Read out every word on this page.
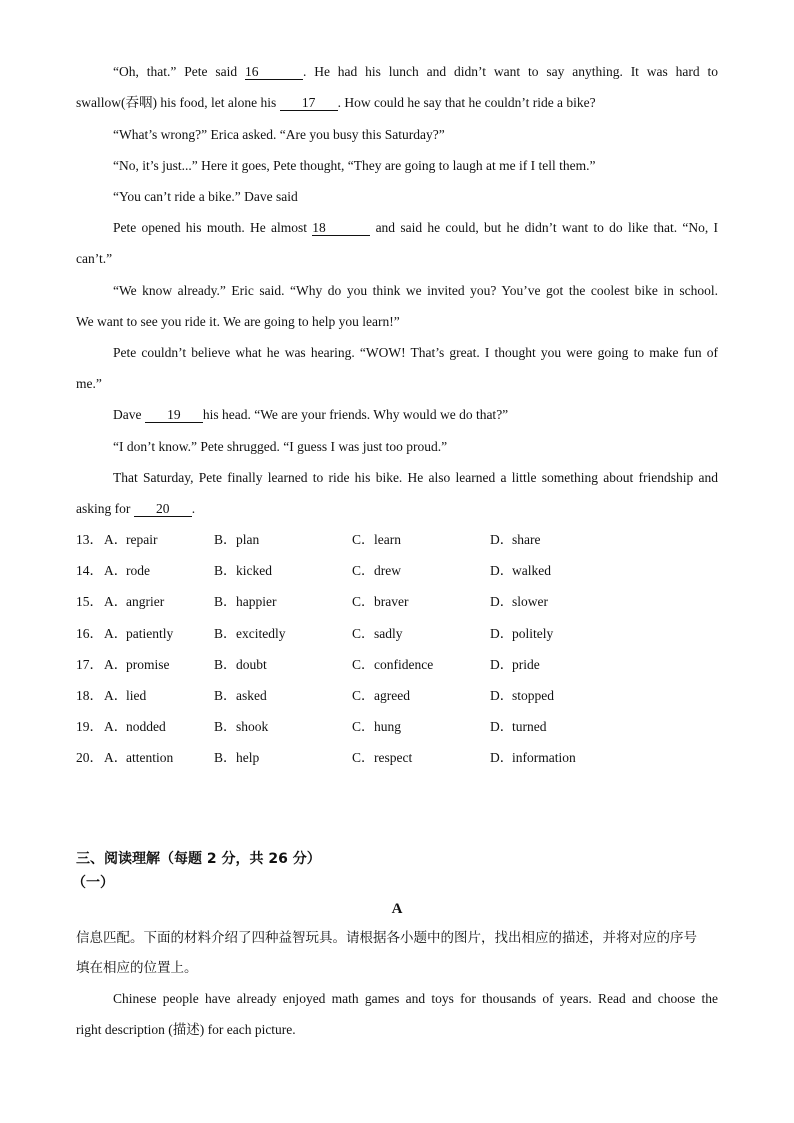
“Oh, that.” Pete said 16	. He had his lunch and didn’t want to say anything. It was hard to
swallow(吞咽) his food, let alone his 17 . How could he say that he couldn’t ride a bike?
“What’s wrong?” Erica asked. “Are you busy this Saturday?”
“No, it’s just...” Here it goes, Pete thought, “They are going to laugh at me if I tell them.”
“You can’t ride a bike.” Dave said
Pete opened his mouth. He almost 18	and said he could, but he didn’t want to do like that. “No, I
can’t.”
“We know already.” Eric said. “Why do you think we invited you? You’ve got the coolest bike in school.
We want to see you ride it. We are going to help you learn!”
Pete couldn’t believe what he was hearing. “WOW! That’s great. I thought you were going to make fun of
me.”
Dave 19 his head. “We are your friends. Why would we do that?”
“I don’t know.” Pete shrugged. “I guess I was just too proud.”
That Saturday, Pete finally learned to ride his bike. He also learned a little something about friendship and
asking for 20 .
13． A．repair	B．plan	C．learn	D．share
14． A．rode	B．kicked	C．drew	D．walked
15． A．angrier	B．happier	C．braver	D．slower
16． A．patiently	B．excitedly	C．sadly	D．politely
17． A．promise	B．doubt	C．confidence	D．pride
18． A．lied	B．asked	C．agreed	D．stopped
19． A．nodded	B．shook	C．hung	D．turned
20． A．attention	B．help	C．respect	D．information
三、阅读理解（每题 2 分，共 26 分）
（一）
A
信息匹配。下面的材料介绍了四种益智玩具。请根据各小题中的图片，找出相应的描述，并将对应的序号
填在相应的位置上。
Chinese people have already enjoyed math games and toys for thousands of years. Read and choose the
right description (描述) for each picture.
